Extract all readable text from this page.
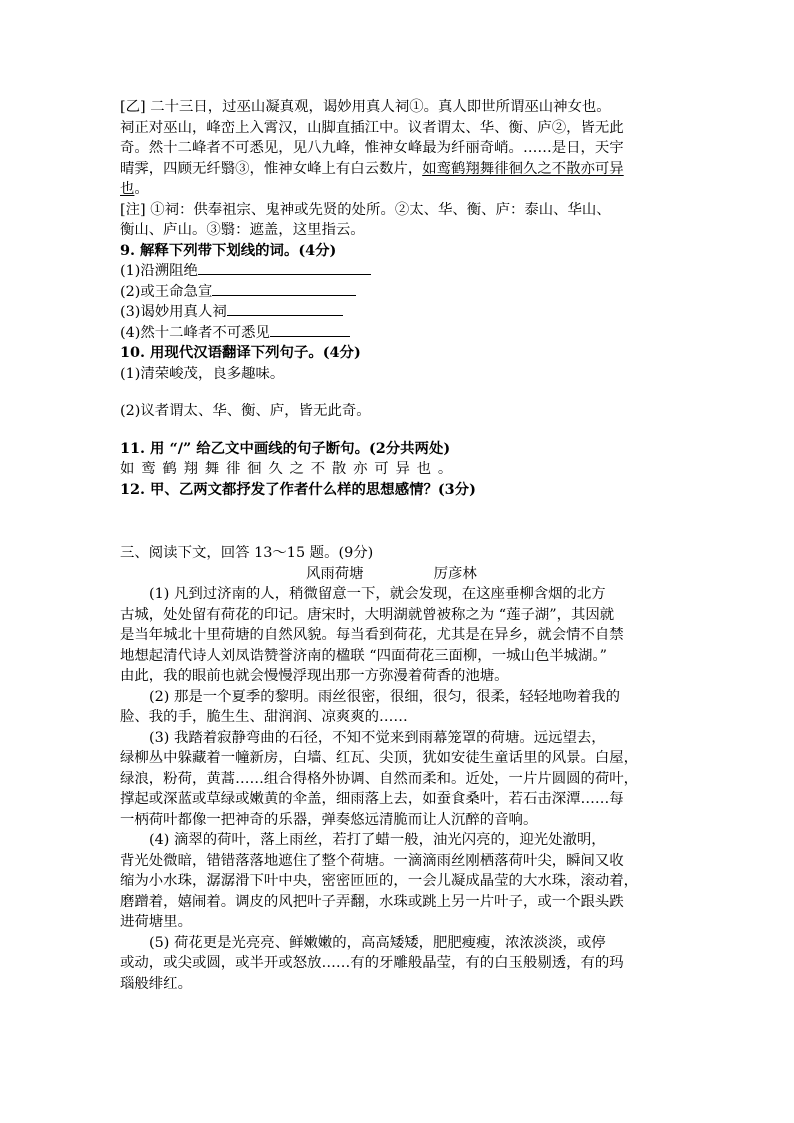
[乙] 二十三日，过巫山凝真观，谒妙用真人祠①。真人即世所谓巫山神女也。
祠正对巫山，峰峦上入霄汉，山脚直插江中。议者谓太、华、衡、庐②，皆无此
奇。然十二峰者不可悉见，见八九峰，惟神女峰最为纤丽奇峭。……是日，天宇
晴霁，四顾无纤翳③，惟神女峰上有白云数片，如鸾鹤翔舞徘徊久之不散亦可异
也。
[注] ①祠：供奉祖宗、鬼神或先贤的处所。②太、华、衡、庐：泰山、华山、
衡山、庐山。③翳：遮盖，这里指云。
9. 解释下列带下划线的词。(4分)
(1)沿溯阻绝
(2)或王命急宣
(3)谒妙用真人祠
(4)然十二峰者不可悉见
10. 用现代汉语翻译下列句子。(4分)
(1)清荣峻茂，良多趣味。
(2)议者谓太、华、衡、庐，皆无此奇。
11. 用 “/” 给乙文中画线的句子断句。(2分共两处)
如鸾鹤翔舞徘徊久之不散亦可异也。
12. 甲、乙两文都抒发了作者什么样的思想感情？(3分)
三、阅读下文，回答 13～15 题。(9分)
风雨荷塘	厉彦林
(1) 凡到过济南的人，稍微留意一下，就会发现，在这座垂柳含烟的北方
古城，处处留有荷花的印记。唐宋时，大明湖就曾被称之为 “莲子湖”，其因就
是当年城北十里荷塘的自然风貌。每当看到荷花，尤其是在异乡，就会情不自禁
地想起清代诗人刘凤诰赞誉济南的楹联 “四面荷花三面柳，一城山色半城湖。”
由此，我的眼前也就会慢慢浮现出那一方弥漫着荷香的池塘。
(2) 那是一个夏季的黎明。雨丝很密，很细，很匀，很柔，轻轻地吻着我的
脸、我的手，脆生生、甜润润、凉爽爽的……
(3) 我踏着寂静弯曲的石径，不知不觉来到雨幕笼罩的荷塘。远远望去，
绿柳丛中躲藏着一幢新房，白墙、红瓦、尖顶，犹如安徒生童话里的风景。白屋，
绿浪，粉荷，黄蒿……组合得格外协调、自然而柔和。近处，一片片圆圆的荷叶，
撑起或深蓝或草绿或嫩黄的伞盖，细雨落上去，如蚕食桑叶，若石击深潭……每
一柄荷叶都像一把神奇的乐器，弹奏悠远清脆而让人沉醉的音响。
(4) 滴翠的荷叶，落上雨丝，若打了蜡一般，油光闪亮的，迎光处澈明，
背光处微暗，错错落落地遮住了整个荷塘。一滴滴雨丝刚栖落荷叶尖，瞬间又收
缩为小水珠，潺潺滑下叶中央，密密匝匝的，一会儿凝成晶莹的大水珠，滚动着，
磨蹭着，嬉闹着。调皮的风把叶子弄翻，水珠或跳上另一片叶子，或一个跟头跌
进荷塘里。
(5) 荷花更是光亮亮、鲜嫩嫩的，高高矮矮，肥肥瘦瘦，浓浓淡淡，或停
或动，或尖或圆，或半开或怒放……有的牙雕般晶莹，有的白玉般剔透，有的玛
瑙般绯红。
